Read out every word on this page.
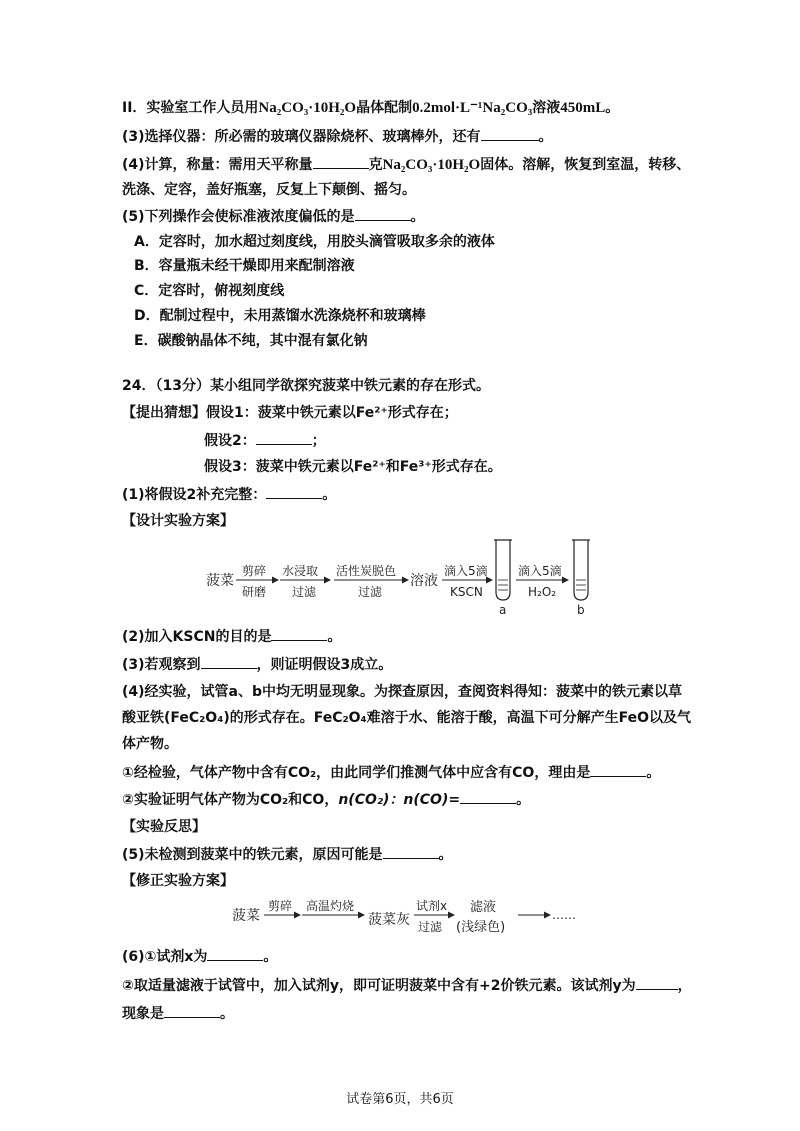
II．实验室工作人员用Na₂CO₃·10H₂O晶体配制0.2mol·L⁻¹Na₂CO₃溶液450mL。
(3)选择仪器：所必需的玻璃仪器除烧杯、玻璃棒外，还有	。
(4)计算，称量：需用天平称量	克Na₂CO₃·10H₂O固体。溶解，恢复到室温，转移、
洗涤、定容，盖好瓶塞，反复上下颠倒、摇匀。
(5)下列操作会使标准液浓度偏低的是	。
A．定容时，加水超过刻度线，用胶头滴管吸取多余的液体
B．容量瓶未经干燥即用来配制溶液
C．定容时，俯视刻度线
D．配制过程中，未用蒸馏水洗涤烧杯和玻璃棒
E．碳酸钠晶体不纯，其中混有氯化钠
24．（13分）某小组同学欲探究菠菜中铁元素的存在形式。
【提出猜想】假设1：菠菜中铁元素以Fe²⁺形式存在；
假设2：	；
假设3：菠菜中铁元素以Fe²⁺和Fe³⁺形式存在。
(1)将假设2补充完整：	。
【设计实验方案】
菠菜
剪碎
研磨
水浸取
过滤
活性炭脱色
过滤
溶液
滴入5滴
KSCN
a
滴入5滴
H₂O₂
b
(2)加入KSCN的目的是	。
(3)若观察到	，则证明假设3成立。
(4)经实验，试管a、b中均无明显现象。为探查原因，查阅资料得知：菠菜中的铁元素以草
酸亚铁(FeC₂O₄)的形式存在。FeC₂O₄难溶于水、能溶于酸，高温下可分解产生FeO以及气
体产物。
①经检验，气体产物中含有CO₂，由此同学们推测气体中应含有CO，理由是	。
②实验证明气体产物为CO₂和CO，n(CO₂)：n(CO)=	。
【实验反思】
(5)未检测到菠菜中的铁元素，原因可能是	。
【修正实验方案】
菠菜
剪碎 高温灼烧
菠菜灰
试剂x
过滤
滤液
(浅绿色)
……
(6)①试剂x为	。
②取适量滤液于试管中，加入试剂y，即可证明菠菜中含有+2价铁元素。该试剂y为	，
现象是	。
试卷第6页，共6页
